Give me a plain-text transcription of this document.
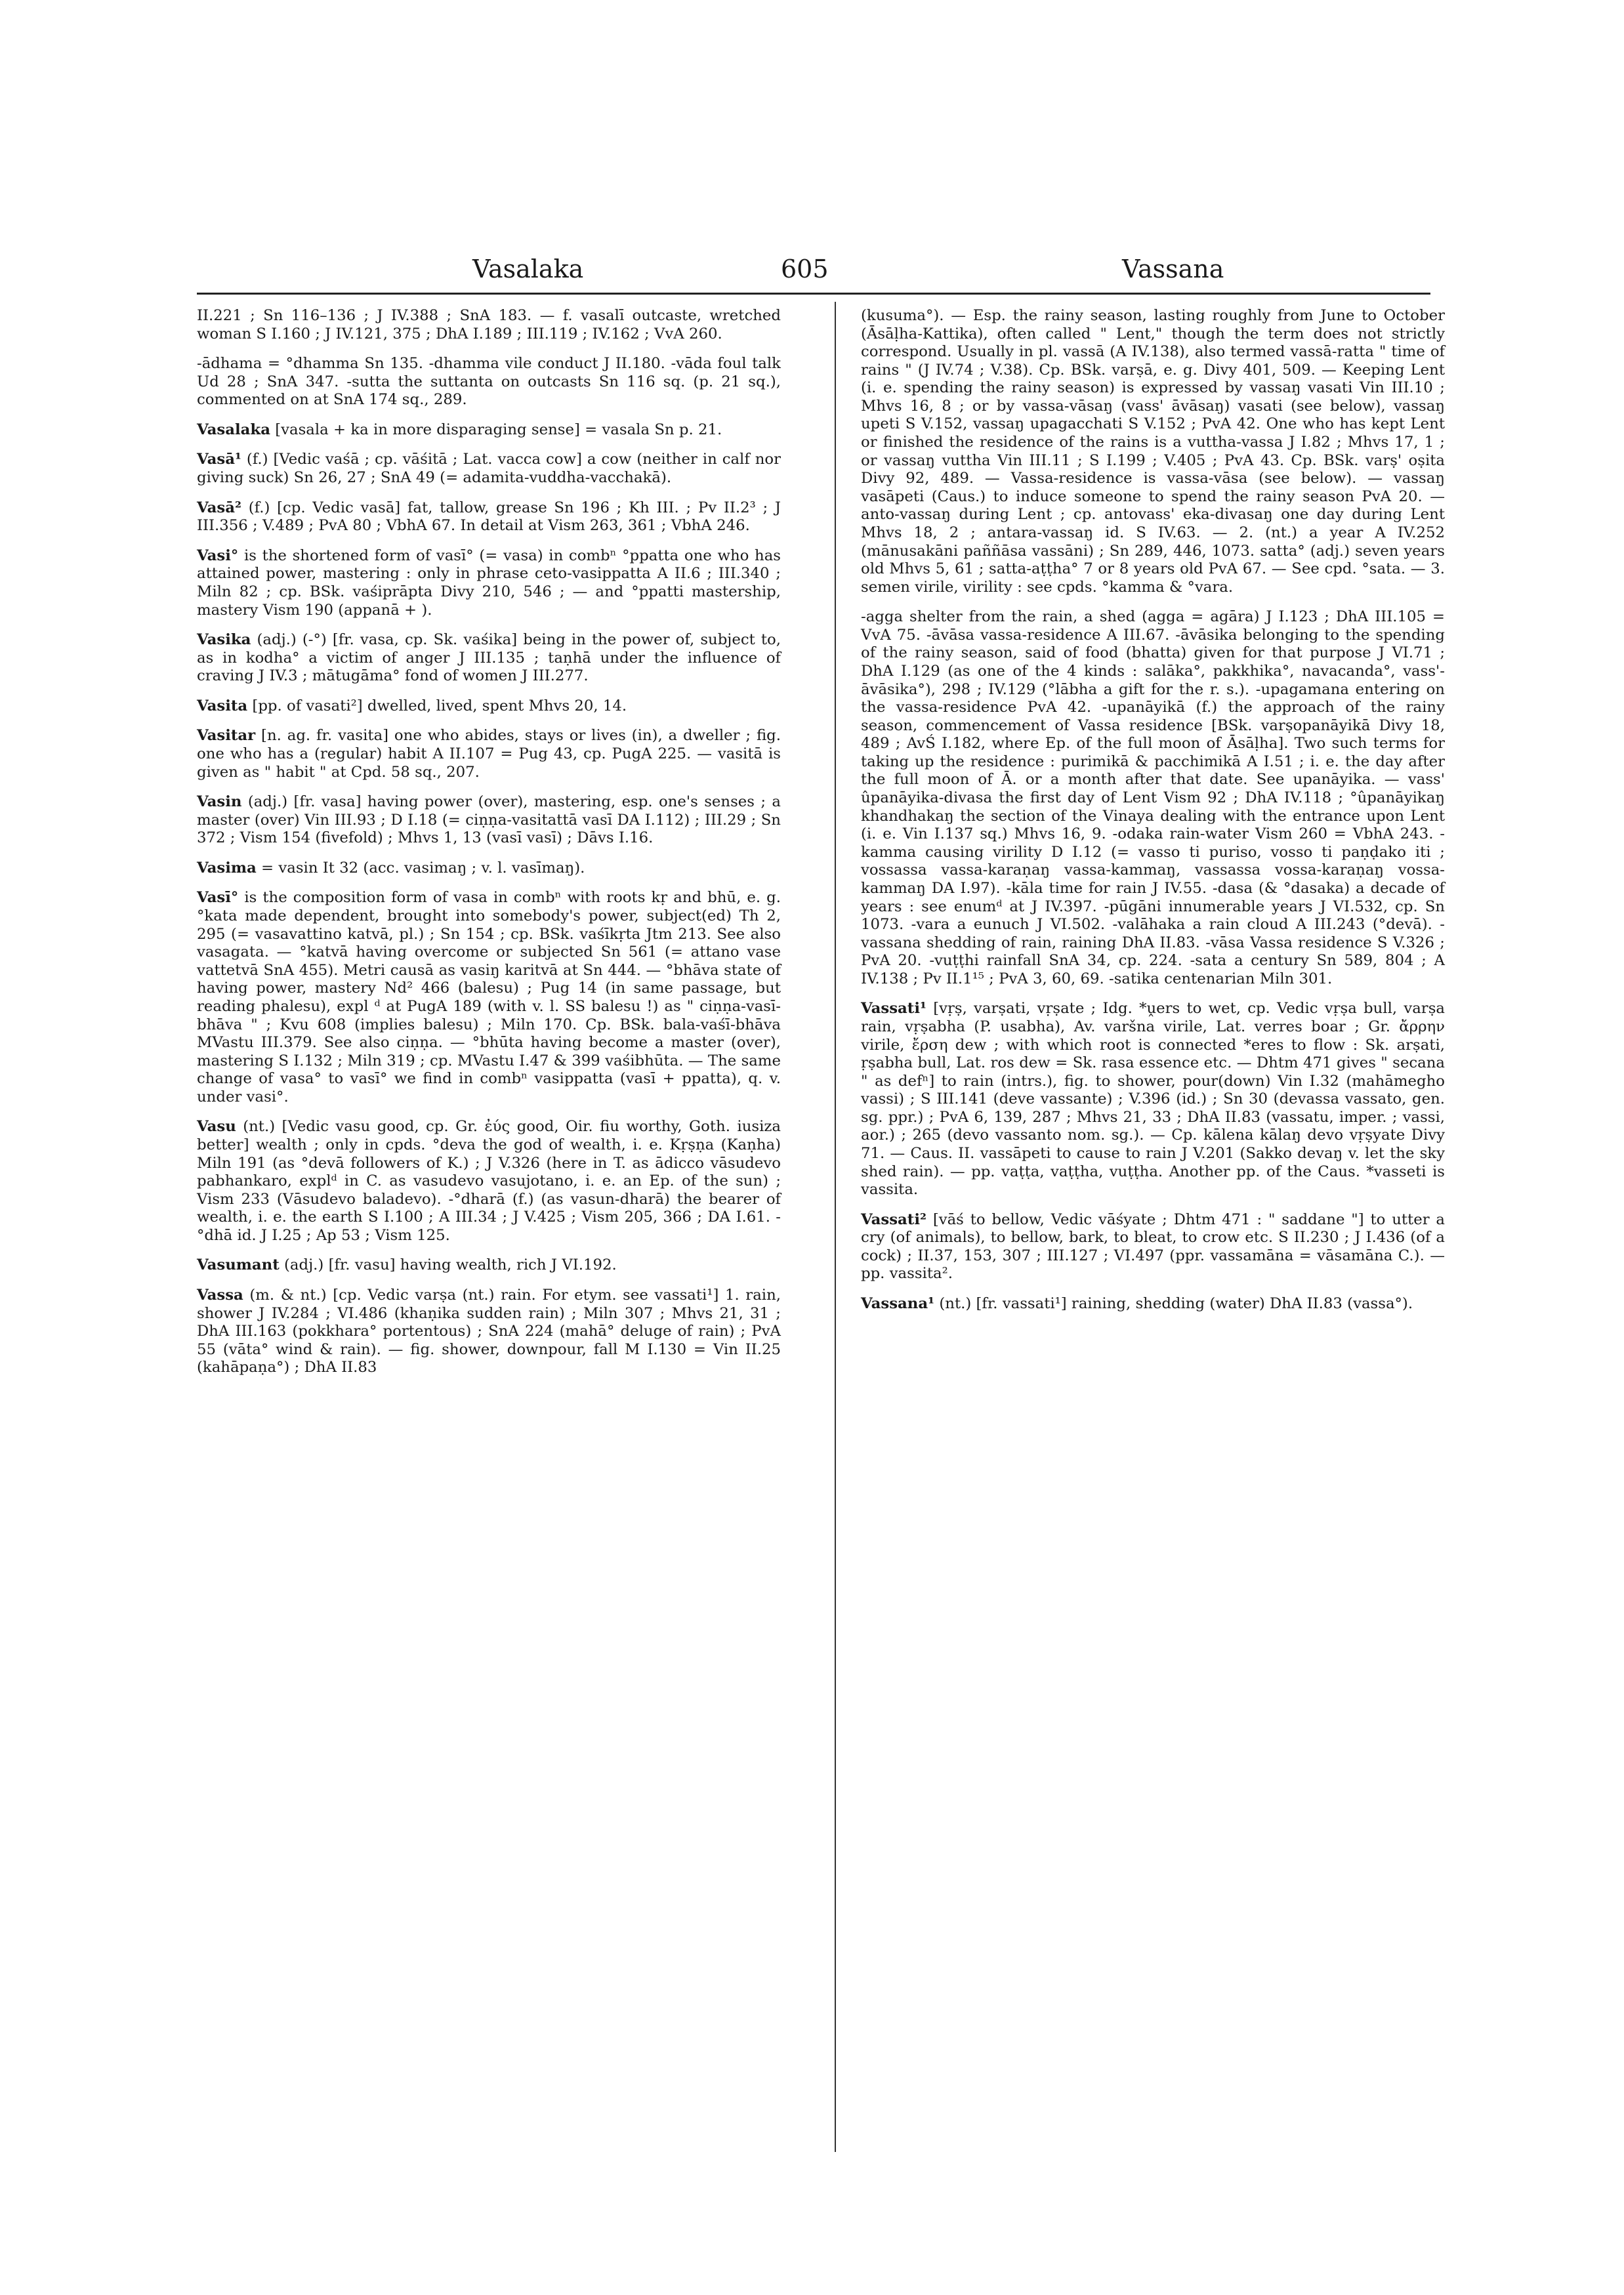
Vasalaka	605	Vassana

II.221 ; Sn 116–136 ; J IV.388 ; SnA 183. — f. vasalī outcaste, wretched woman S I.160 ; J IV.121, 375 ; DhA I.189 ; III.119 ; IV.162 ; VvA 260.

-ādhama = °dhamma Sn 135. -dhamma vile conduct J II.180. -vāda foul talk Ud 28 ; SnA 347. -sutta the suttanta on outcasts Sn 116 sq. (p. 21 sq.), commented on at SnA 174 sq., 289.

Vasalaka [vasala + ka in more disparaging sense] = vasala Sn p. 21.

Vasā¹ (f.) [Vedic vaśā ; cp. vāśitā ; Lat. vacca cow] a cow (neither in calf nor giving suck) Sn 26, 27 ; SnA 49 (= adamita-vuddha-vacchakā).

Vasā² (f.) [cp. Vedic vasā] fat, tallow, grease Sn 196 ; Kh III. ; Pv II.2³ ; J III.356 ; V.489 ; PvA 80 ; VbhA 67. In detail at Vism 263, 361 ; VbhA 246.

Vasi° is the shortened form of vasī° (= vasa) in combⁿ °ppatta one who has attained power, mastering : only in phrase ceto-vasippatta A II.6 ; III.340 ; Miln 82 ; cp. BSk. vaśiprāpta Divy 210, 546 ; — and °ppatti mastership, mastery Vism 190 (appanā + ).

Vasika (adj.) (-°) [fr. vasa, cp. Sk. vaśika] being in the power of, subject to, as in kodha° a victim of anger J III.135 ; taṇhā under the influence of craving J IV.3 ; mātugāma° fond of women J III.277.

Vasita [pp. of vasati²] dwelled, lived, spent Mhvs 20, 14.

Vasitar [n. ag. fr. vasita] one who abides, stays or lives (in), a dweller ; fig. one who has a (regular) habit A II.107 = Pug 43, cp. PugA 225. — vasitā is given as " habit " at Cpd. 58 sq., 207.

Vasin (adj.) [fr. vasa] having power (over), mastering, esp. one's senses ; a master (over) Vin III.93 ; D I.18 (= ciṇṇa-vasitattā vasī DA I.112) ; III.29 ; Sn 372 ; Vism 154 (fivefold) ; Mhvs 1, 13 (vasī vasī) ; Dāvs I.16.

Vasima = vasin It 32 (acc. vasimaŋ ; v. l. vasīmaŋ).

Vasī° is the composition form of vasa in combⁿ with roots kṛ and bhū, e. g. °kata made dependent, brought into somebody's power, subject(ed) Th 2, 295 (= vasavattino katvā, pl.) ; Sn 154 ; cp. BSk. vaśīkṛta Jtm 213. See also vasagata. — °katvā having overcome or subjected Sn 561 (= attano vase vattetvā SnA 455). Metri causā as vasiŋ karitvā at Sn 444. — °bhāva state of having power, mastery Nd² 466 (balesu) ; Pug 14 (in same passage, but reading phalesu), expl ᵈ at PugA 189 (with v. l. SS balesu !) as " ciṇṇa-vasī-bhāva " ; Kvu 608 (implies balesu) ; Miln 170. Cp. BSk. bala-vaśī-bhāva MVastu III.379. See also ciṇṇa. — °bhūta having become a master (over), mastering S I.132 ; Miln 319 ; cp. MVastu I.47 & 399 vaśibhūta. — The same change of vasa° to vasī° we find in combⁿ vasippatta (vasī + ppatta), q. v. under vasi°.

Vasu (nt.) [Vedic vasu good, cp. Gr. ἐύς good, Oir. fiu worthy, Goth. iusiza better] wealth ; only in cpds. °deva the god of wealth, i. e. Kṛṣṇa (Kaṇha) Miln 191 (as °devā followers of K.) ; J V.326 (here in T. as ādicco vāsudevo pabhankaro, explᵈ in C. as vasudevo vasujotano, i. e. an Ep. of the sun) ; Vism 233 (Vāsudevo baladevo). -°dharā (f.) (as vasun-dharā) the bearer of wealth, i. e. the earth S I.100 ; A III.34 ; J V.425 ; Vism 205, 366 ; DA I.61. -°dhā id. J I.25 ; Ap 53 ; Vism 125.

Vasumant (adj.) [fr. vasu] having wealth, rich J VI.192.

Vassa (m. & nt.) [cp. Vedic varṣa (nt.) rain. For etym. see vassati¹] 1. rain, shower J IV.284 ; VI.486 (khaṇika sudden rain) ; Miln 307 ; Mhvs 21, 31 ; DhA III.163 (pokkhara° portentous) ; SnA 224 (mahā° deluge of rain) ; PvA 55 (vāta° wind & rain). — fig. shower, downpour, fall M I.130 = Vin II.25 (kahāpaṇa°) ; DhA II.83

(kusuma°). — Esp. the rainy season, lasting roughly from June to October (Āsāḷha-Kattika), often called " Lent," though the term does not strictly correspond. Usually in pl. vassā (A IV.138), also termed vassā-ratta " time of rains " (J IV.74 ; V.38). Cp. BSk. varṣā, e. g. Divy 401, 509. — Keeping Lent (i. e. spending the rainy season) is expressed by vassaŋ vasati Vin III.10 ; Mhvs 16, 8 ; or by vassa-vāsaŋ (vass' āvāsaŋ) vasati (see below), vassaŋ upeti S V.152, vassaŋ upagacchati S V.152 ; PvA 42. One who has kept Lent or finished the residence of the rains is a vuttha-vassa J I.82 ; Mhvs 17, 1 ; or vassaŋ vuttha Vin III.11 ; S I.199 ; V.405 ; PvA 43. Cp. BSk. varṣ' oṣita Divy 92, 489. — Vassa-residence is vassa-vāsa (see below). — vassaŋ vasāpeti (Caus.) to induce someone to spend the rainy season PvA 20. — anto-vassaŋ during Lent ; cp. antovass' eka-divasaŋ one day during Lent Mhvs 18, 2 ; antara-vassaŋ id. S IV.63. — 2. (nt.) a year A IV.252 (mānusakāni paññāsa vassāni) ; Sn 289, 446, 1073. satta° (adj.) seven years old Mhvs 5, 61 ; satta-aṭṭha° 7 or 8 years old PvA 67. — See cpd. °sata. — 3. semen virile, virility : see cpds. °kamma & °vara.

-agga shelter from the rain, a shed (agga = agāra) J I.123 ; DhA III.105 = VvA 75. -āvāsa vassa-residence A III.67. -āvāsika belonging to the spending of the rainy season, said of food (bhatta) given for that purpose J VI.71 ; DhA I.129 (as one of the 4 kinds : salāka°, pakkhika°, navacanda°, vass'-āvāsika°), 298 ; IV.129 (°lābha a gift for the r. s.). -upagamana entering on the vassa-residence PvA 42. -upanāyikā (f.) the approach of the rainy season, commencement of Vassa residence [BSk. varṣopanāyikā Divy 18, 489 ; AvŚ I.182, where Ep. of the full moon of Āsāḷha]. Two such terms for taking up the residence : purimikā & pacchimikā A I.51 ; i. e. the day after the full moon of Ā. or a month after that date. See upanāyika. — vass' ûpanāyika-divasa the first day of Lent Vism 92 ; DhA IV.118 ; °ûpanāyikaŋ khandhakaŋ the section of the Vinaya dealing with the entrance upon Lent (i. e. Vin I.137 sq.) Mhvs 16, 9. -odaka rain-water Vism 260 = VbhA 243. -kamma causing virility D I.12 (= vasso ti puriso, vosso ti paṇḍako iti ; vossassa vassa-karaṇaŋ vassa-kammaŋ, vassassa vossa-karaṇaŋ vossa-kammaŋ DA I.97). -kāla time for rain J IV.55. -dasa (& °dasaka) a decade of years : see enumᵈ at J IV.397. -pūgāni innumerable years J VI.532, cp. Sn 1073. -vara a eunuch J VI.502. -valāhaka a rain cloud A III.243 (°devā). -vassana shedding of rain, raining DhA II.83. -vāsa Vassa residence S V.326 ; PvA 20. -vuṭṭhi rainfall SnA 34, cp. 224. -sata a century Sn 589, 804 ; A IV.138 ; Pv II.1¹⁵ ; PvA 3, 60, 69. -satika centenarian Miln 301.

Vassati¹ [vṛṣ, varṣati, vṛṣate ; Idg. *ṷers to wet, cp. Vedic vṛṣa bull, varṣa rain, vṛṣabha (P. usabha), Av. varšna virile, Lat. verres boar ; Gr. ἄρρην virile, ἔρση dew ; with which root is connected *eres to flow : Sk. arṣati, ṛṣabha bull, Lat. ros dew = Sk. rasa essence etc. — Dhtm 471 gives " secana " as defⁿ] to rain (intrs.), fig. to shower, pour(down) Vin I.32 (mahāmegho vassi) ; S III.141 (deve vassante) ; V.396 (id.) ; Sn 30 (devassa vassato, gen. sg. ppr.) ; PvA 6, 139, 287 ; Mhvs 21, 33 ; DhA II.83 (vassatu, imper. ; vassi, aor.) ; 265 (devo vassanto nom. sg.). — Cp. kālena kālaŋ devo vṛṣyate Divy 71. — Caus. II. vassāpeti to cause to rain J V.201 (Sakko devaŋ v. let the sky shed rain). — pp. vaṭṭa, vaṭṭha, vuṭṭha. Another pp. of the Caus. *vasseti is vassita.

Vassati² [vāś to bellow, Vedic vāśyate ; Dhtm 471 : " saddane "] to utter a cry (of animals), to bellow, bark, to bleat, to crow etc. S II.230 ; J I.436 (of a cock) ; II.37, 153, 307 ; III.127 ; VI.497 (ppr. vassamāna = vāsamāna C.). — pp. vassita².

Vassana¹ (nt.) [fr. vassati¹] raining, shedding (water) DhA II.83 (vassa°).
